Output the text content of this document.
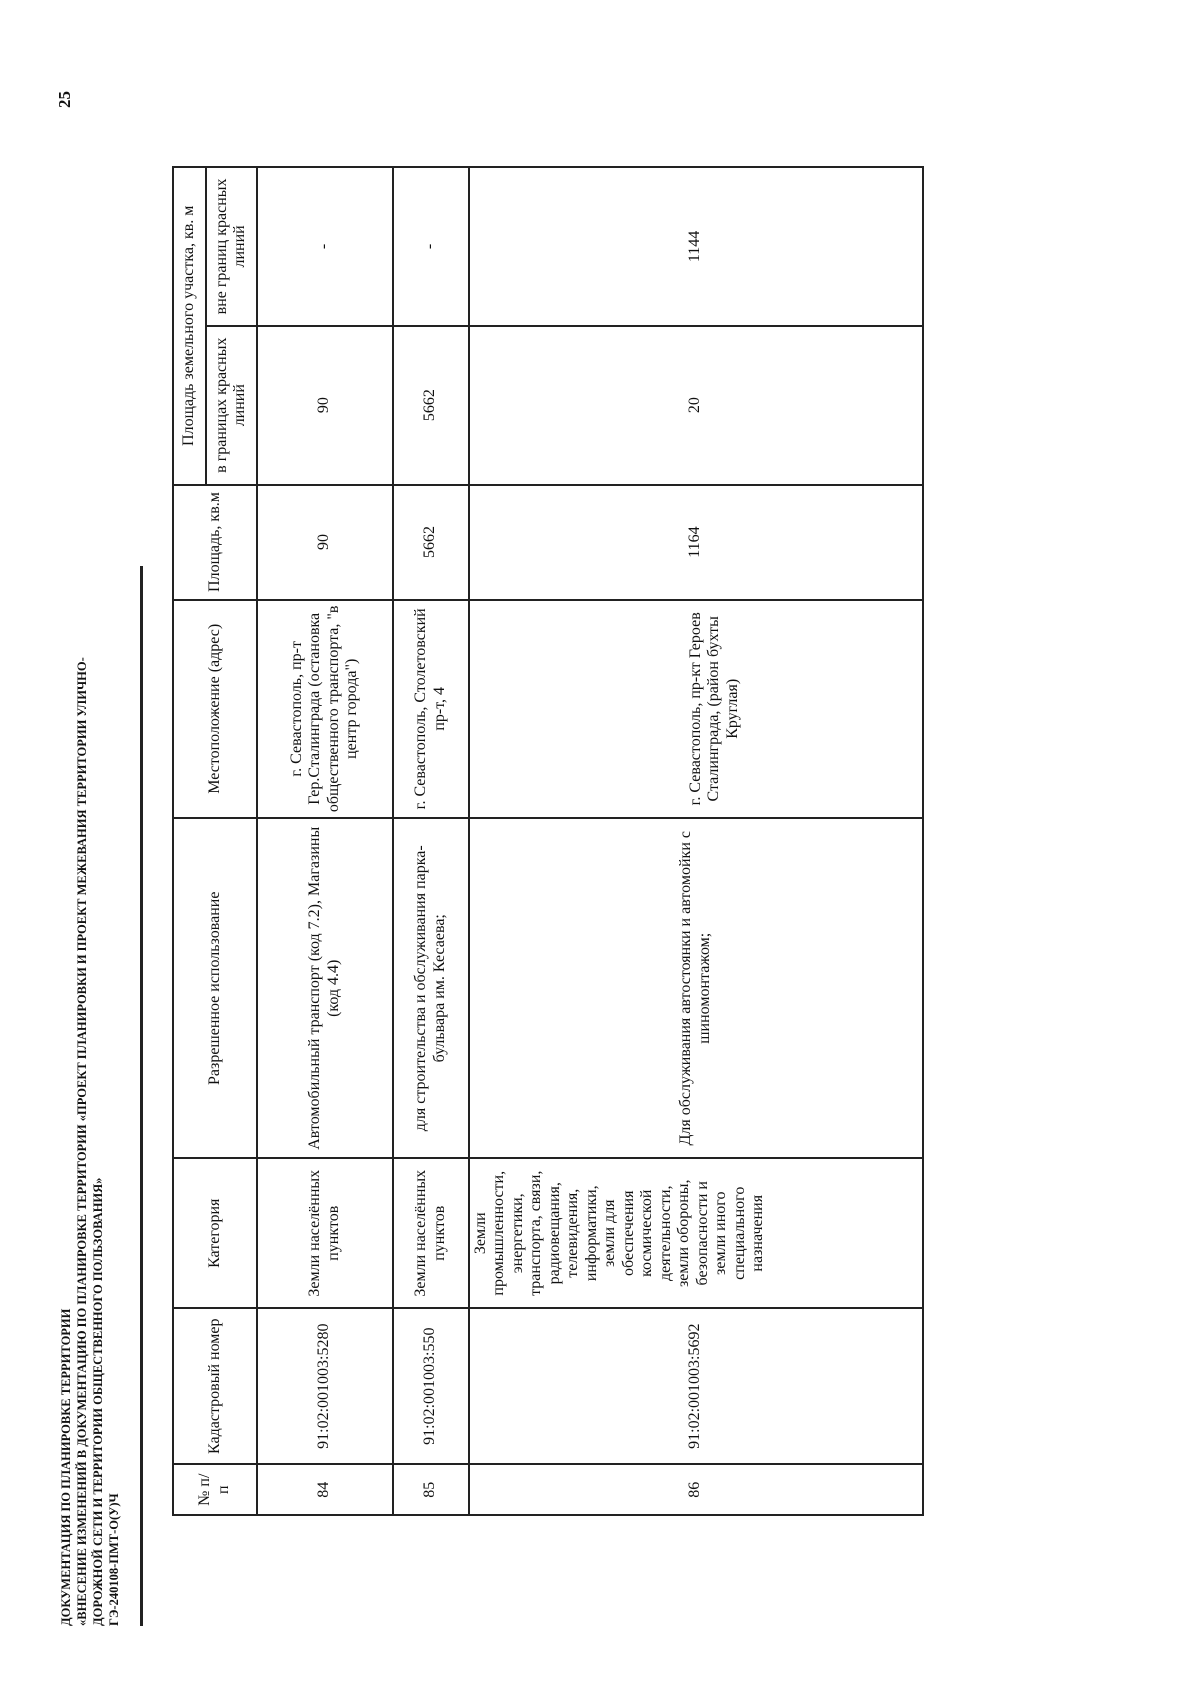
25
ДОКУМЕНТАЦИЯ ПО ПЛАНИРОВКЕ ТЕРРИТОРИИ «ВНЕСЕНИЕ ИЗМЕНЕНИЙ В ДОКУМЕНТАЦИЮ ПО ПЛАНИРОВКЕ ТЕРРИТОРИИ «ПРОЕКТ ПЛАНИРОВКИ И ПРОЕКТ МЕЖЕВАНИЯ ТЕРРИТОРИИ УЛИЧНО- ДОРОЖНОЙ СЕТИ И ТЕРРИТОРИИ ОБЩЕСТВЕННОГО ПОЛЬЗОВАНИЯ» ГЭ-240108-ПМТ-О(У)Ч
№ п/п	Кадастровый номер	Категория	Разрешенное использование	Местоположение (адрес)	Площадь, кв.м	Площадь земельного участка, кв. м	
						в границах красных линий	вне границ красных линий
84	91:02:001003:5280	Земли населённых пунктов	Автомобильный транспорт (код 7.2), Магазины (код 4.4)	г. Севастополь, пр-т Гер.Сталинграда (остановка общественного транспорта, "в центр города")	90	90	-
85	91:02:001003:550	Земли населённых пунктов	для строительства и обслуживания парка-бульвара им. Кесаева;	г. Севастополь, Столетовский пр-т, 4	5662	5662	-
86	91:02:001003:5692	Земли промышленности, энергетики, транспорта, связи, радиовещания, телевидения, информатики, земли для обеспечения космической деятельности, земли обороны, безопасности и земли иного специального назначения	Для обслуживания автостоянки и автомойки с шиномонтажом;	г. Севастополь, пр-кт Героев Сталинграда, (район бухты Круглая)	1164	20	1144
